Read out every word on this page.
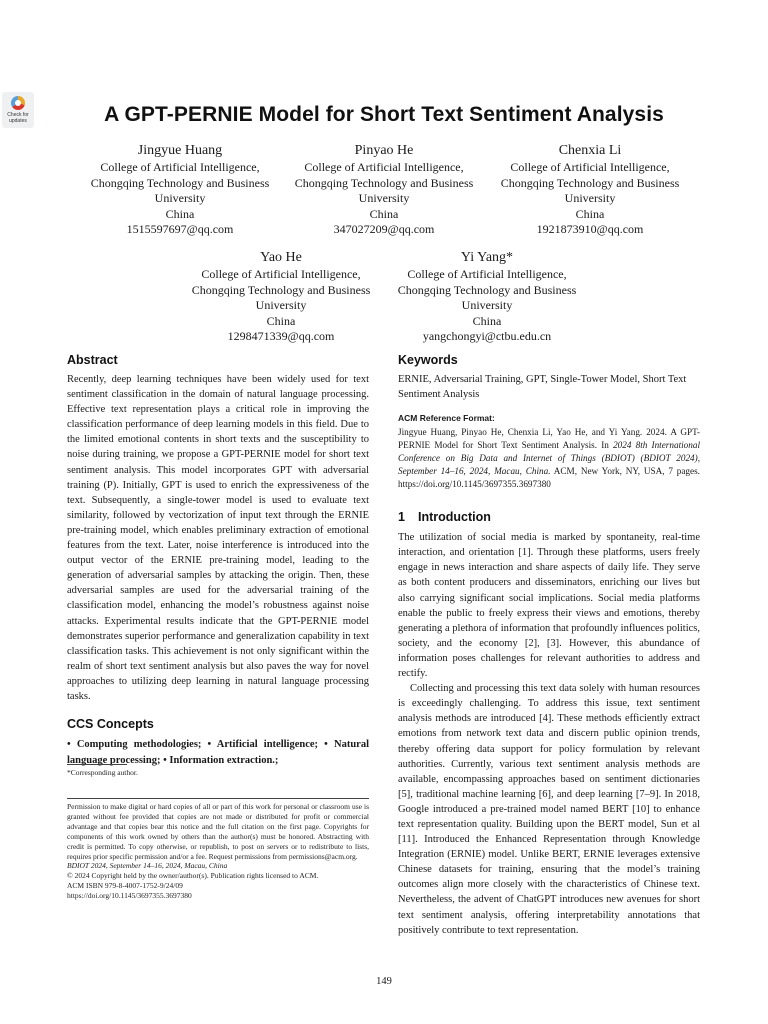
Check for
updates	A GPT-PERNIE Model for Short Text Sentiment Analysis
Jingyue Huang
College of Artificial Intelligence,
Chongqing Technology and Business
University
China
1515597697@qq.com
Pinyao He
College of Artificial Intelligence,
Chongqing Technology and Business
University
China
347027209@qq.com
Chenxia Li
College of Artificial Intelligence,
Chongqing Technology and Business
University
China
1921873910@qq.com
Yao He
College of Artificial Intelligence,
Chongqing Technology and Business
University
China
1298471339@qq.com
Yi Yang*
College of Artificial Intelligence,
Chongqing Technology and Business
University
China
yangchongyi@ctbu.edu.cn

Abstract

Recently, deep learning techniques have been widely used for text sentiment classification in the domain of natural language processing. Effective text representation plays a critical role in improving the classification performance of deep learning models in this field. Due to the limited emotional contents in short texts and the susceptibility to noise during training, we propose a GPT-PERNIE model for short text sentiment analysis. This model incorporates GPT with adversarial training (P). Initially, GPT is used to enrich the expressiveness of the text. Subsequently, a single-tower model is used to evaluate text similarity, followed by vectorization of input text through the ERNIE pre-training model, which enables preliminary extraction of emotional features from the text. Later, noise interference is introduced into the output vector of the ERNIE pre-training model, leading to the generation of adversarial samples by attacking the origin. Then, these adversarial samples are used for the adversarial training of the classification model, enhancing the model’s robustness against noise attacks. Experimental results indicate that the GPT-PERNIE model demonstrates superior performance and generalization capability in text classification tasks. This achievement is not only significant within the realm of short text sentiment analysis but also paves the way for novel approaches to utilizing deep learning in natural language processing tasks.

CCS Concepts

• Computing methodologies; • Artificial intelligence; • Natural language processing; • Information extraction.;

*Corresponding author.
Permission to make digital or hard copies of all or part of this work for personal or classroom use is granted without fee provided that copies are not made or distributed for profit or commercial advantage and that copies bear this notice and the full citation on the first page. Copyrights for components of this work owned by others than the author(s) must be honored. Abstracting with credit is permitted. To copy otherwise, or republish, to post on servers or to redistribute to lists, requires prior specific permission and/or a fee. Request permissions from permissions@acm.org.
BDIOT 2024, September 14–16, 2024, Macau, China
© 2024 Copyright held by the owner/author(s). Publication rights licensed to ACM.
ACM ISBN 979-8-4007-1752-9/24/09
https://doi.org/10.1145/3697355.3697380

Keywords

ERNIE, Adversarial Training, GPT, Single-Tower Model, Short Text Sentiment Analysis

ACM Reference Format:

Jingyue Huang, Pinyao He, Chenxia Li, Yao He, and Yi Yang. 2024. A GPT-PERNIE Model for Short Text Sentiment Analysis. In 2024 8th International Conference on Big Data and Internet of Things (BDIOT) (BDIOT 2024), September 14–16, 2024, Macau, China. ACM, New York, NY, USA, 7 pages. https://doi.org/10.1145/3697355.3697380

1 Introduction

The utilization of social media is marked by spontaneity, real-time interaction, and orientation [1]. Through these platforms, users freely engage in news interaction and share aspects of daily life. They serve as both content producers and disseminators, enriching our lives but also carrying significant social implications. Social media platforms enable the public to freely express their views and emotions, thereby generating a plethora of information that profoundly influences politics, society, and the economy [2], [3]. However, this abundance of information poses challenges for relevant authorities to address and rectify.

Collecting and processing this text data solely with human resources is exceedingly challenging. To address this issue, text sentiment analysis methods are introduced [4]. These methods efficiently extract emotions from network text data and discern public opinion trends, thereby offering data support for policy formulation by relevant authorities. Currently, various text sentiment analysis methods are available, encompassing approaches based on sentiment dictionaries [5], traditional machine learning [6], and deep learning [7–9]. In 2018, Google introduced a pre-trained model named BERT [10] to enhance text representation quality. Building upon the BERT model, Sun et al [11]. Introduced the Enhanced Representation through Knowledge Integration (ERNIE) model. Unlike BERT, ERNIE leverages extensive Chinese datasets for training, ensuring that the model’s training outcomes align more closely with the characteristics of Chinese text. Nevertheless, the advent of ChatGPT introduces new avenues for short text sentiment analysis, offering interpretability annotations that positively contribute to text representation.

149
